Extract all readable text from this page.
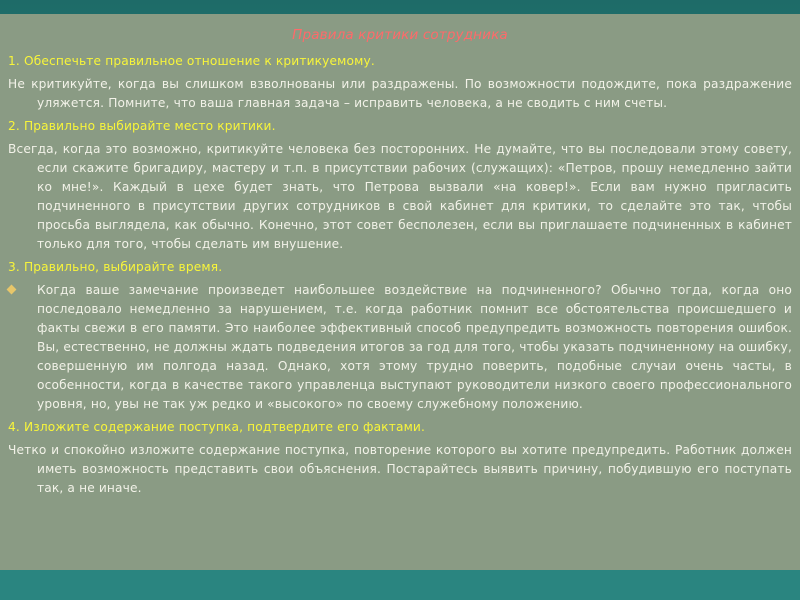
Правила критики сотрудника
1. Обеспечьте правильное отношение к критикуемому.
Не критикуйте, когда вы слишком взволнованы или раздражены. По возможности подождите, пока раздражение уляжется. Помните, что ваша главная задача – исправить человека, а не сводить с ним счеты.
2. Правильно выбирайте место критики.
Всегда, когда это возможно, критикуйте человека без посторонних. Не думайте, что вы последовали этому совету, если скажите бригадиру, мастеру и т.п. в присутствии рабочих (служащих): «Петров, прошу немедленно зайти ко мне!». Каждый в цехе будет знать, что Петрова вызвали «на ковер!». Если вам нужно пригласить подчиненного в присутствии других сотрудников в свой кабинет для критики, то сделайте это так, чтобы просьба выглядела, как обычно. Конечно, этот совет бесполезен, если вы приглашаете подчиненных в кабинет только для того, чтобы сделать им внушение.
3. Правильно, выбирайте время.
Когда ваше замечание произведет наибольшее воздействие на подчиненного? Обычно тогда, когда оно последовало немедленно за нарушением, т.е. когда работник помнит все обстоятельства происшедшего и факты свежи в его памяти. Это наиболее эффективный способ предупредить возможность повторения ошибок. Вы, естественно, не должны ждать подведения итогов за год для того, чтобы указать подчиненному на ошибку, совершенную им полгода назад. Однако, хотя этому трудно поверить, подобные случаи очень часты, в особенности, когда в качестве такого управленца выступают руководители низкого своего профессионального уровня, но, увы не так уж редко и «высокого» по своему служебному положению.
4. Изложите содержание поступка, подтвердите его фактами.
Четко и спокойно изложите содержание поступка, повторение которого вы хотите предупредить. Работник должен иметь возможность представить свои объяснения. Постарайтесь выявить причину, побудившую его поступать так, а не иначе.
